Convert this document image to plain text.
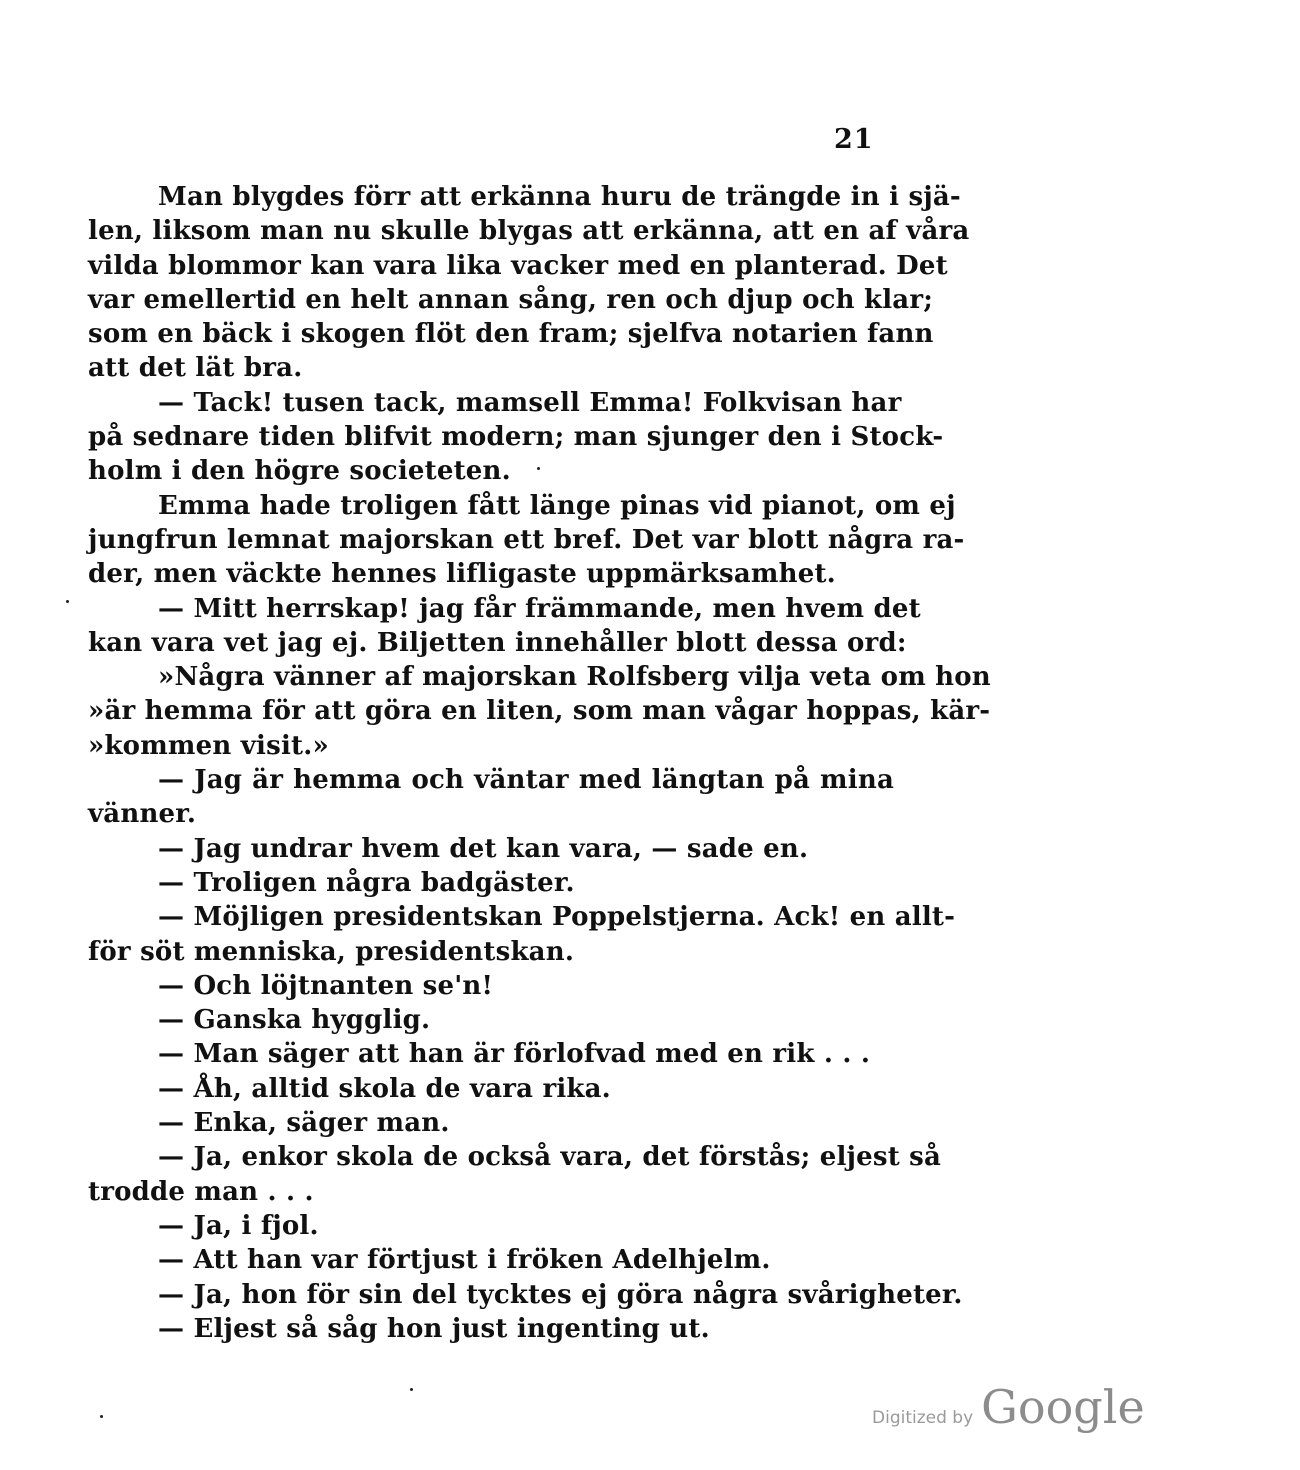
21
Man blygdes förr att erkänna huru de trängde in i sjä-
len, liksom man nu skulle blygas att erkänna, att en af våra
vilda blommor kan vara lika vacker med en planterad. Det
var emellertid en helt annan sång, ren och djup och klar;
som en bäck i skogen flöt den fram; sjelfva notarien fann
att det lät bra.
— Tack! tusen tack, mamsell Emma! Folkvisan har
på sednare tiden blifvit modern; man sjunger den i Stock-
holm i den högre societeten.
Emma hade troligen fått länge pinas vid pianot, om ej
jungfrun lemnat majorskan ett bref. Det var blott några ra-
der, men väckte hennes lifligaste uppmärksamhet.
— Mitt herrskap! jag får främmande, men hvem det
kan vara vet jag ej. Biljetten innehåller blott dessa ord:
»Några vänner af majorskan Rolfsberg vilja veta om hon
»är hemma för att göra en liten, som man vågar hoppas, kär-
»kommen visit.»
— Jag är hemma och väntar med längtan på mina
vänner.
— Jag undrar hvem det kan vara, — sade en.
— Troligen några badgäster.
— Möjligen presidentskan Poppelstjerna. Ack! en allt-
för söt menniska, presidentskan.
— Och löjtnanten se'n!
— Ganska hygglig.
— Man säger att han är förlofvad med en rik . . .
— Åh, alltid skola de vara rika.
— Enka, säger man.
— Ja, enkor skola de också vara, det förstås; eljest så
trodde man . . .
— Ja, i fjol.
— Att han var förtjust i fröken Adelhjelm.
— Ja, hon för sin del tycktes ej göra några svårigheter.
— Eljest så såg hon just ingenting ut.
Digitized by Google
